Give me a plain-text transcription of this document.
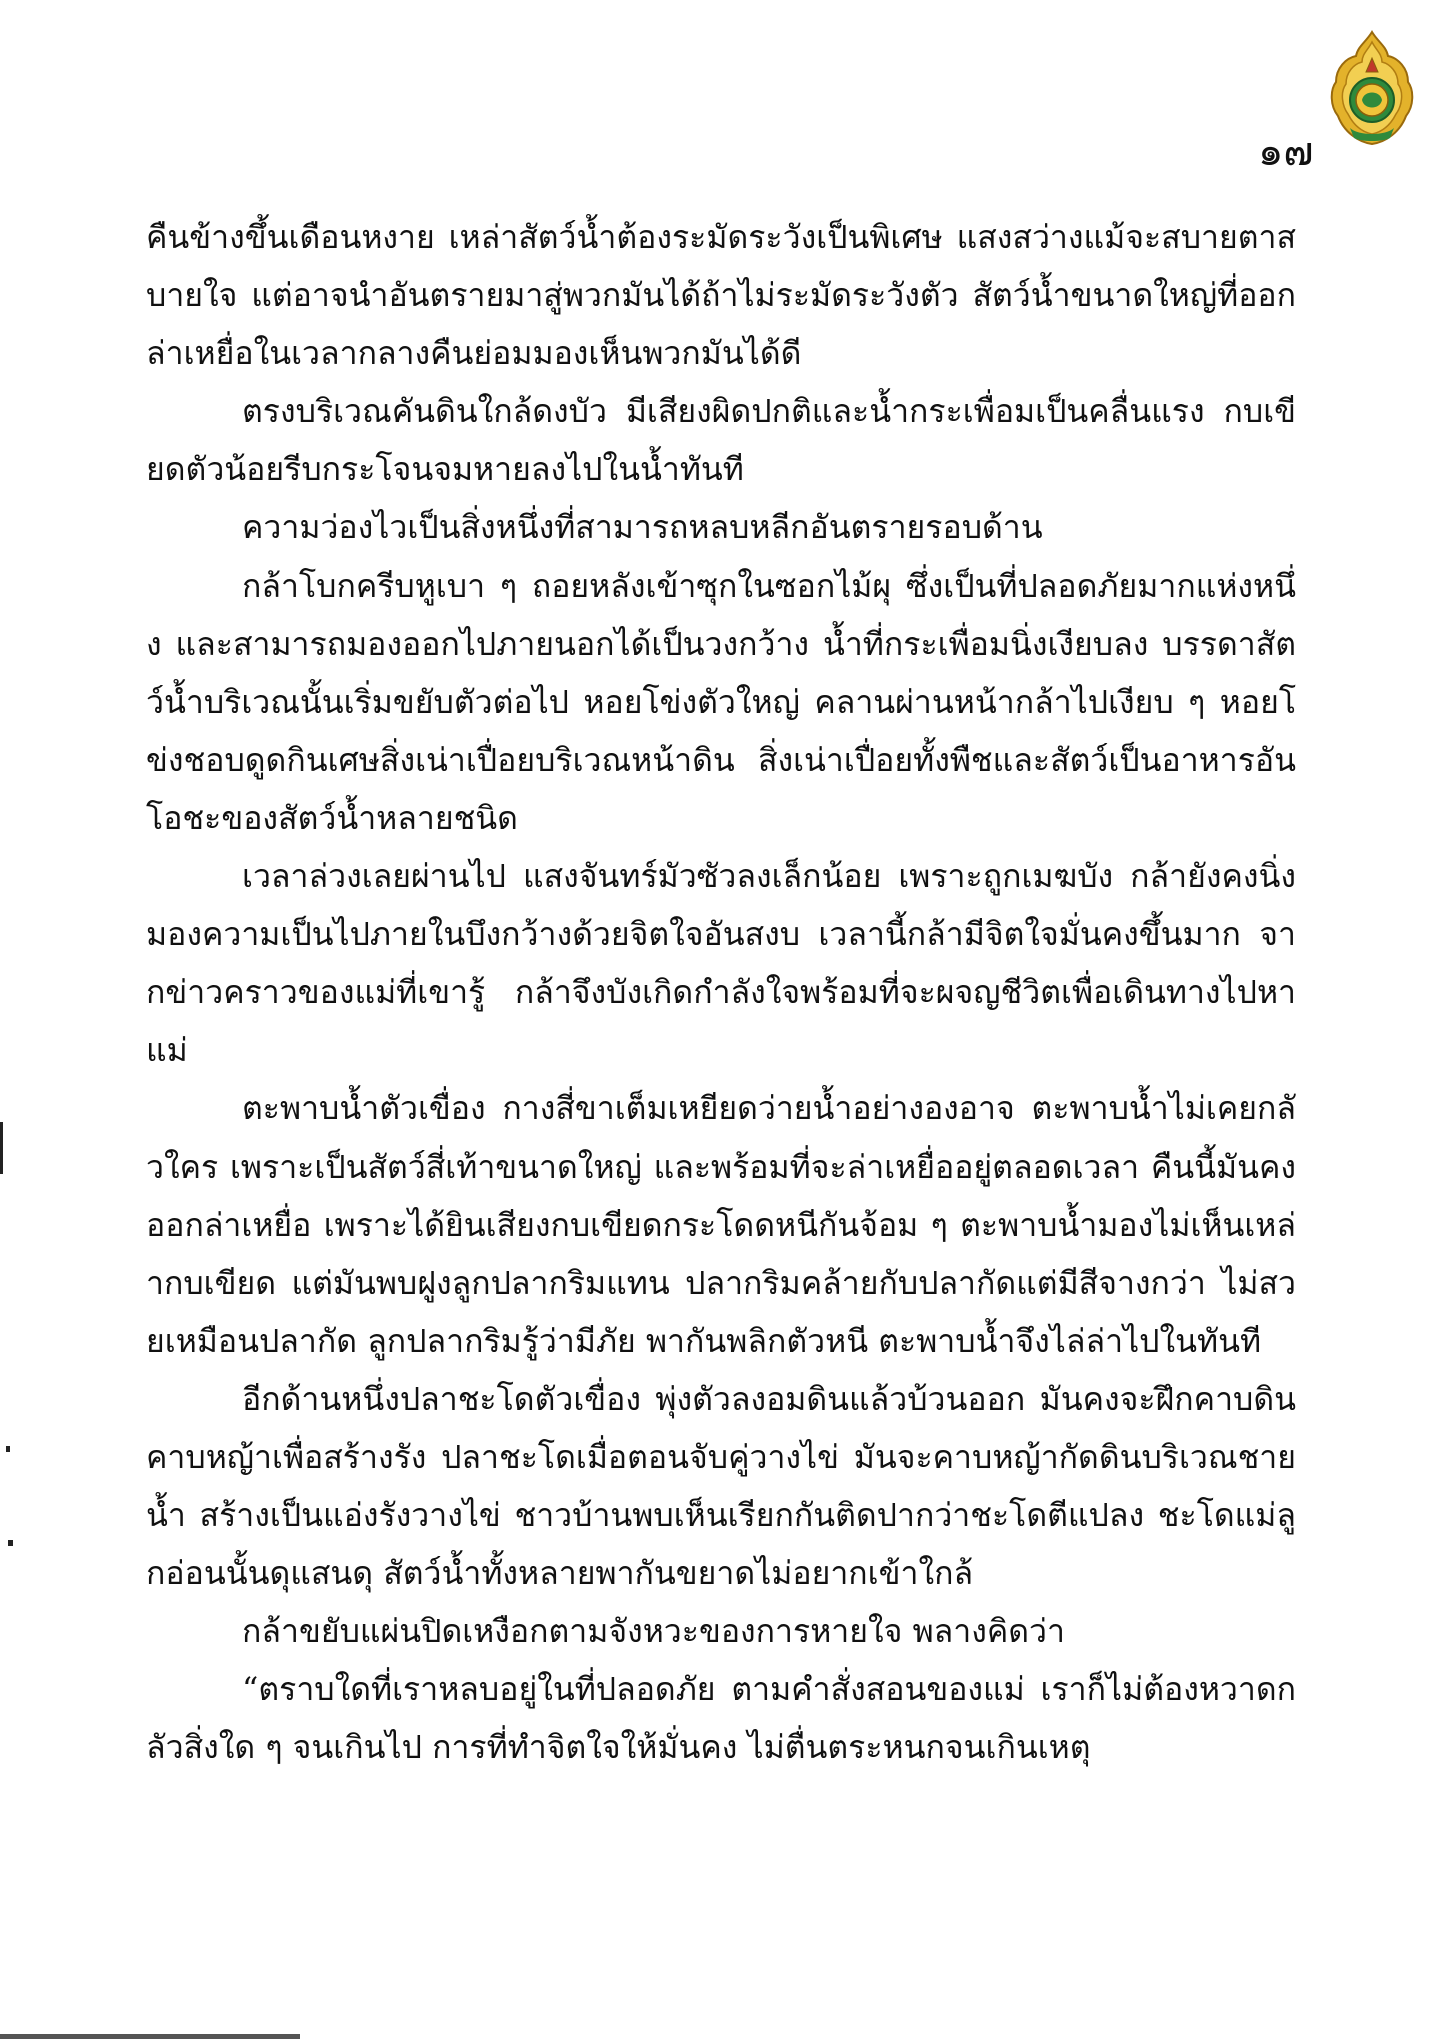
๑๗

คืนข้างขึ้นเดือนหงาย เหล่าสัตว์น้ำต้องระมัดระวังเป็นพิเศษ แสงสว่างแม้จะสบายตาสบายใจ แต่อาจนำอันตรายมาสู่พวกมันได้ถ้าไม่ระมัดระวังตัว สัตว์น้ำขนาดใหญ่ที่ออกล่าเหยื่อในเวลากลางคืนย่อมมองเห็นพวกมันได้ดี

ตรงบริเวณคันดินใกล้ดงบัว มีเสียงผิดปกติและน้ำกระเพื่อมเป็นคลื่นแรง กบเขียดตัวน้อยรีบกระโจนจมหายลงไปในน้ำทันที

ความว่องไวเป็นสิ่งหนึ่งที่สามารถหลบหลีกอันตรายรอบด้าน

กล้าโบกครีบหูเบา ๆ ถอยหลังเข้าซุกในซอกไม้ผุ ซึ่งเป็นที่ปลอดภัยมากแห่งหนึ่ง และสามารถมองออกไปภายนอกได้เป็นวงกว้าง น้ำที่กระเพื่อมนิ่งเงียบลง บรรดาสัตว์น้ำบริเวณนั้นเริ่มขยับตัวต่อไป หอยโข่งตัวใหญ่ คลานผ่านหน้ากล้าไปเงียบ ๆ หอยโข่งชอบดูดกินเศษสิ่งเน่าเปื่อยบริเวณหน้าดิน สิ่งเน่าเปื่อยทั้งพืชและสัตว์เป็นอาหารอันโอชะของสัตว์น้ำหลายชนิด

เวลาล่วงเลยผ่านไป แสงจันทร์มัวซัวลงเล็กน้อย เพราะถูกเมฆบัง กล้ายังคงนิ่งมองความเป็นไปภายในบึงกว้างด้วยจิตใจอันสงบ เวลานี้กล้ามีจิตใจมั่นคงขึ้นมาก จากข่าวคราวของแม่ที่เขารู้ กล้าจึงบังเกิดกำลังใจพร้อมที่จะผจญชีวิตเพื่อเดินทางไปหาแม่

ตะพาบน้ำตัวเขื่อง กางสี่ขาเต็มเหยียดว่ายน้ำอย่างองอาจ ตะพาบน้ำไม่เคยกลัวใคร เพราะเป็นสัตว์สี่เท้าขนาดใหญ่ และพร้อมที่จะล่าเหยื่ออยู่ตลอดเวลา คืนนี้มันคงออกล่าเหยื่อ เพราะได้ยินเสียงกบเขียดกระโดดหนีกันจ้อม ๆ ตะพาบน้ำมองไม่เห็นเหล่ากบเขียด แต่มันพบฝูงลูกปลากริมแทน ปลากริมคล้ายกับปลากัดแต่มีสีจางกว่า ไม่สวยเหมือนปลากัด ลูกปลากริมรู้ว่ามีภัย พากันพลิกตัวหนี ตะพาบน้ำจึงไล่ล่าไปในทันที

อีกด้านหนึ่งปลาชะโดตัวเขื่อง พุ่งตัวลงอมดินแล้วบ้วนออก มันคงจะฝึกคาบดินคาบหญ้าเพื่อสร้างรัง ปลาชะโดเมื่อตอนจับคู่วางไข่ มันจะคาบหญ้ากัดดินบริเวณชายน้ำ สร้างเป็นแอ่งรังวางไข่ ชาวบ้านพบเห็นเรียกกันติดปากว่าชะโดตีแปลง ชะโดแม่ลูกอ่อนนั้นดุแสนดุ สัตว์น้ำทั้งหลายพากันขยาดไม่อยากเข้าใกล้

กล้าขยับแผ่นปิดเหงือกตามจังหวะของการหายใจ พลางคิดว่า

“ตราบใดที่เราหลบอยู่ในที่ปลอดภัย ตามคำสั่งสอนของแม่ เราก็ไม่ต้องหวาดกลัวสิ่งใด ๆ จนเกินไป การที่ทำจิตใจให้มั่นคง ไม่ตื่นตระหนกจนเกินเหตุ
